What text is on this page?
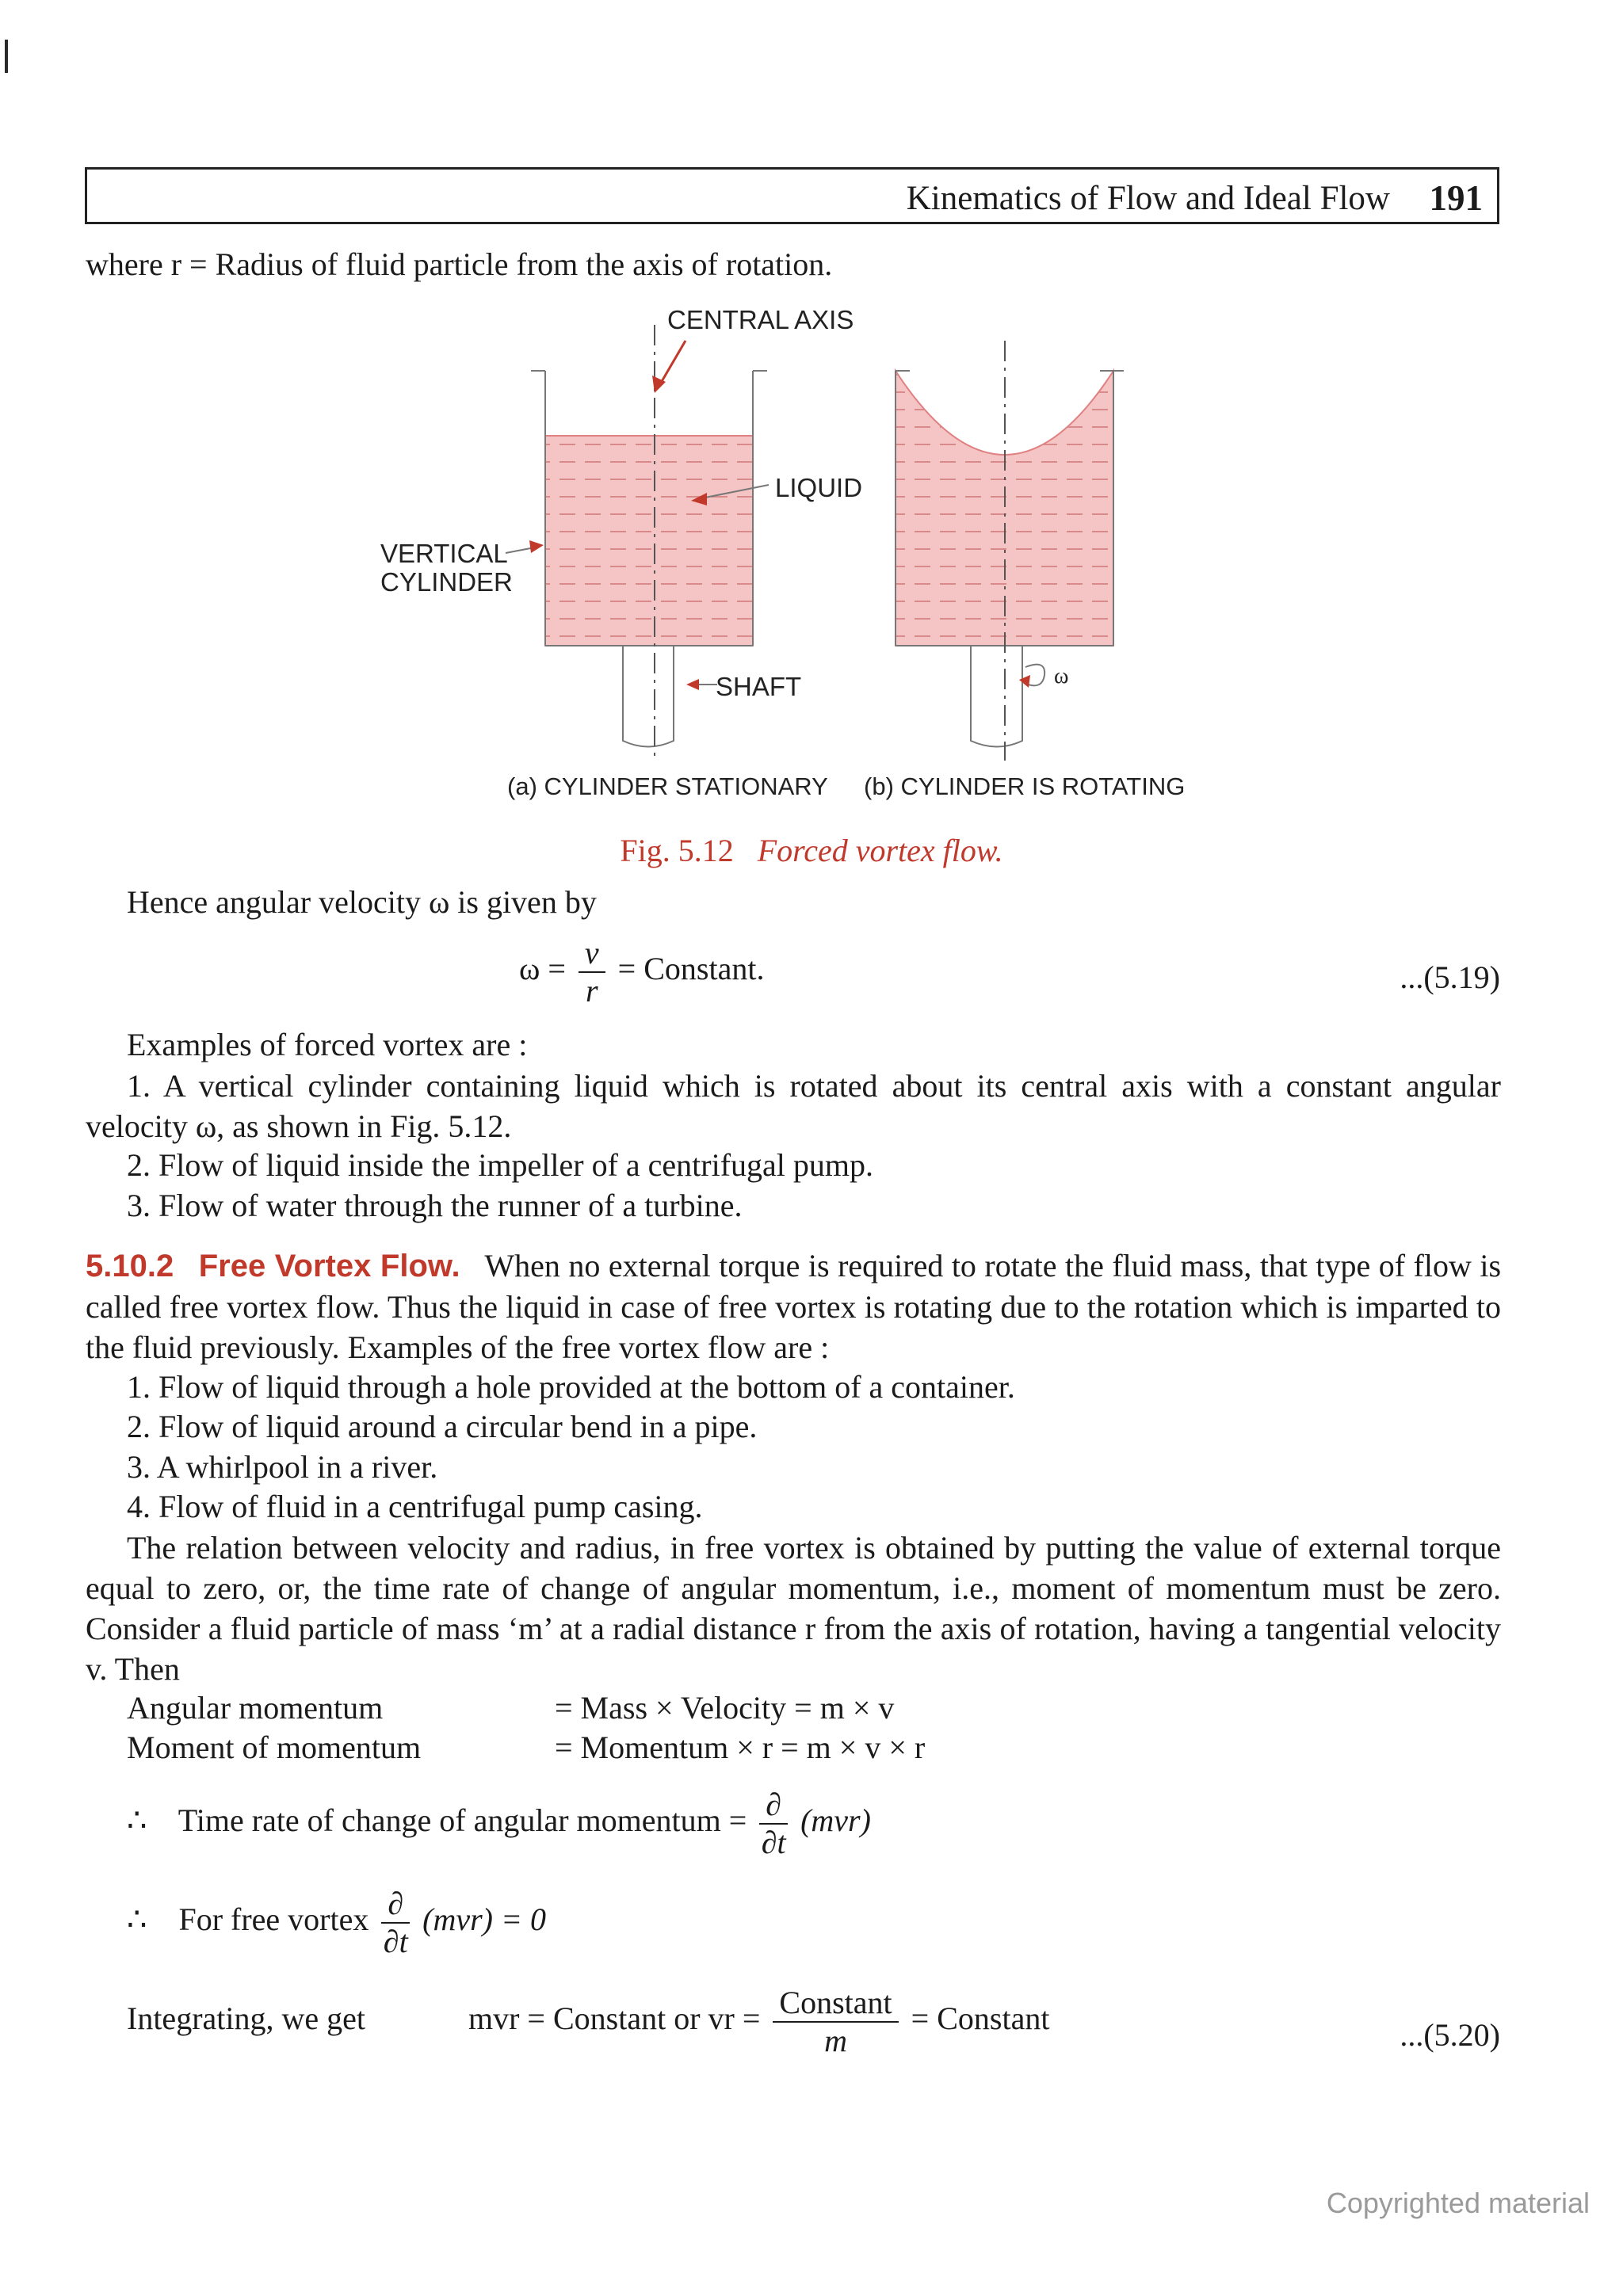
Kinematics of Flow and Ideal Flow 191
where r = Radius of fluid particle from the axis of rotation.
CENTRAL AXIS
LIQUID
VERTICAL
CYLINDER
SHAFT	ω
(a) CYLINDER STATIONARY (b) CYLINDER IS ROTATING
Fig. 5.12 Forced vortex flow.
Hence angular velocity ω is given by
$\omega = \frac{v}{r}$ = Constant.	...(5.19)
Examples of forced vortex are :
1. A vertical cylinder containing liquid which is rotated about its central axis with a constant angular velocity ω, as shown in Fig. 5.12.
2. Flow of liquid inside the impeller of a centrifugal pump.
3. Flow of water through the runner of a turbine.
5.10.2 Free Vortex Flow. When no external torque is required to rotate the fluid mass, that type of flow is called free vortex flow. Thus the liquid in case of free vortex is rotating due to the rotation which is imparted to the fluid previously. Examples of the free vortex flow are :
1. Flow of liquid through a hole provided at the bottom of a container.
2. Flow of liquid around a circular bend in a pipe.
3. A whirlpool in a river.
4. Flow of fluid in a centrifugal pump casing.
The relation between velocity and radius, in free vortex is obtained by putting the value of external torque equal to zero, or, the time rate of change of angular momentum, i.e., moment of momentum must be zero. Consider a fluid particle of mass ‘m’ at a radial distance r from the axis of rotation, having a tangential velocity v. Then
Angular momentum	= Mass × Velocity = m × v
Moment of momentum	= Momentum × r = m × v × r
∴ Time rate of change of angular momentum = $\frac{\partial}{\partial t} (mvr)$
∴ For free vortex $\frac{\partial}{\partial t} (mvr) = 0$
Integrating, we get	mvr = Constant or vr = $\frac{\text{Constant}}{m}$ = Constant	...(5.20)
Copyrighted material
